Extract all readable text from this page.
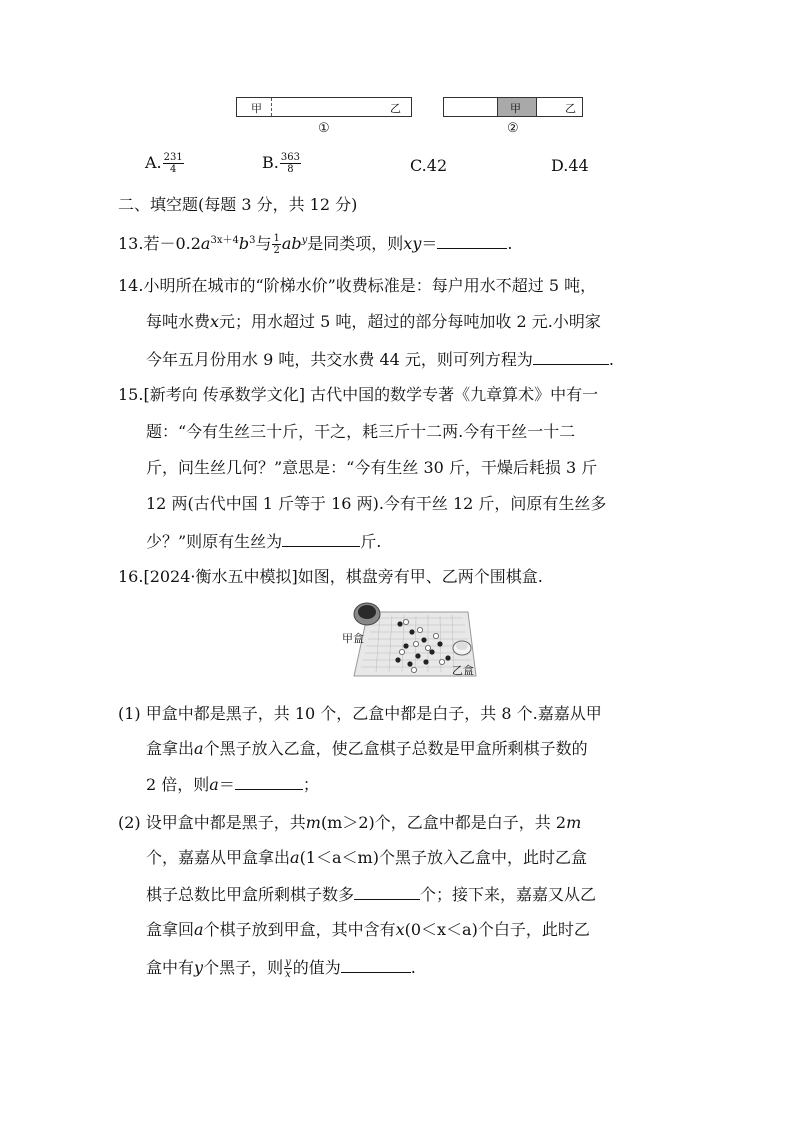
甲	乙
①
甲	乙
②
A. $\frac{231}{4}$	B. $\frac{363}{8}$	C.42	D.44
二、填空题(每题 3 分，共 12 分)
13.若$-0.2a^{3x+4}b^3$与 $\frac{1}{2} ab^y$是同类项，则xy＝	.
14.小明所在城市的“阶梯水价”收费标准是：每户用水不超过 5 吨，
每吨水费x元；用水超过 5 吨，超过的部分每吨加收 2 元.小明家
今年五月份用水 9 吨，共交水费 44 元，则可列方程为	.
15.[新考向 传承数学文化] 古代中国的数学专著《九章算术》中有一
题：“今有生丝三十斤，干之，耗三斤十二两.今有干丝一十二
斤，问生丝几何？”意思是：“今有生丝 30 斤，干燥后耗损 3 斤
12 两(古代中国 1 斤等于 16 两).今有干丝 12 斤，问原有生丝多
少？”则原有生丝为	斤.
16.[2024·衡水五中模拟]如图，棋盘旁有甲、乙两个围棋盒.
甲盒
乙盒
(1) 甲盒中都是黑子，共 10 个，乙盒中都是白子，共 8 个.嘉嘉从甲
盒拿出a个黑子放入乙盒，使乙盒棋子总数是甲盒所剩棋子数的
2 倍，则a＝	；
(2) 设甲盒中都是黑子，共m(m＞2)个，乙盒中都是白子，共 2m
个，嘉嘉从甲盒拿出a(1＜a＜m)个黑子放入乙盒中，此时乙盒
棋子总数比甲盒所剩棋子数多	个；接下来，嘉嘉又从乙
盒拿回a个棋子放到甲盒，其中含有x(0＜x＜a)个白子，此时乙
盒中有y个黑子，则 $\frac{y}{x}$ 的值为	.
